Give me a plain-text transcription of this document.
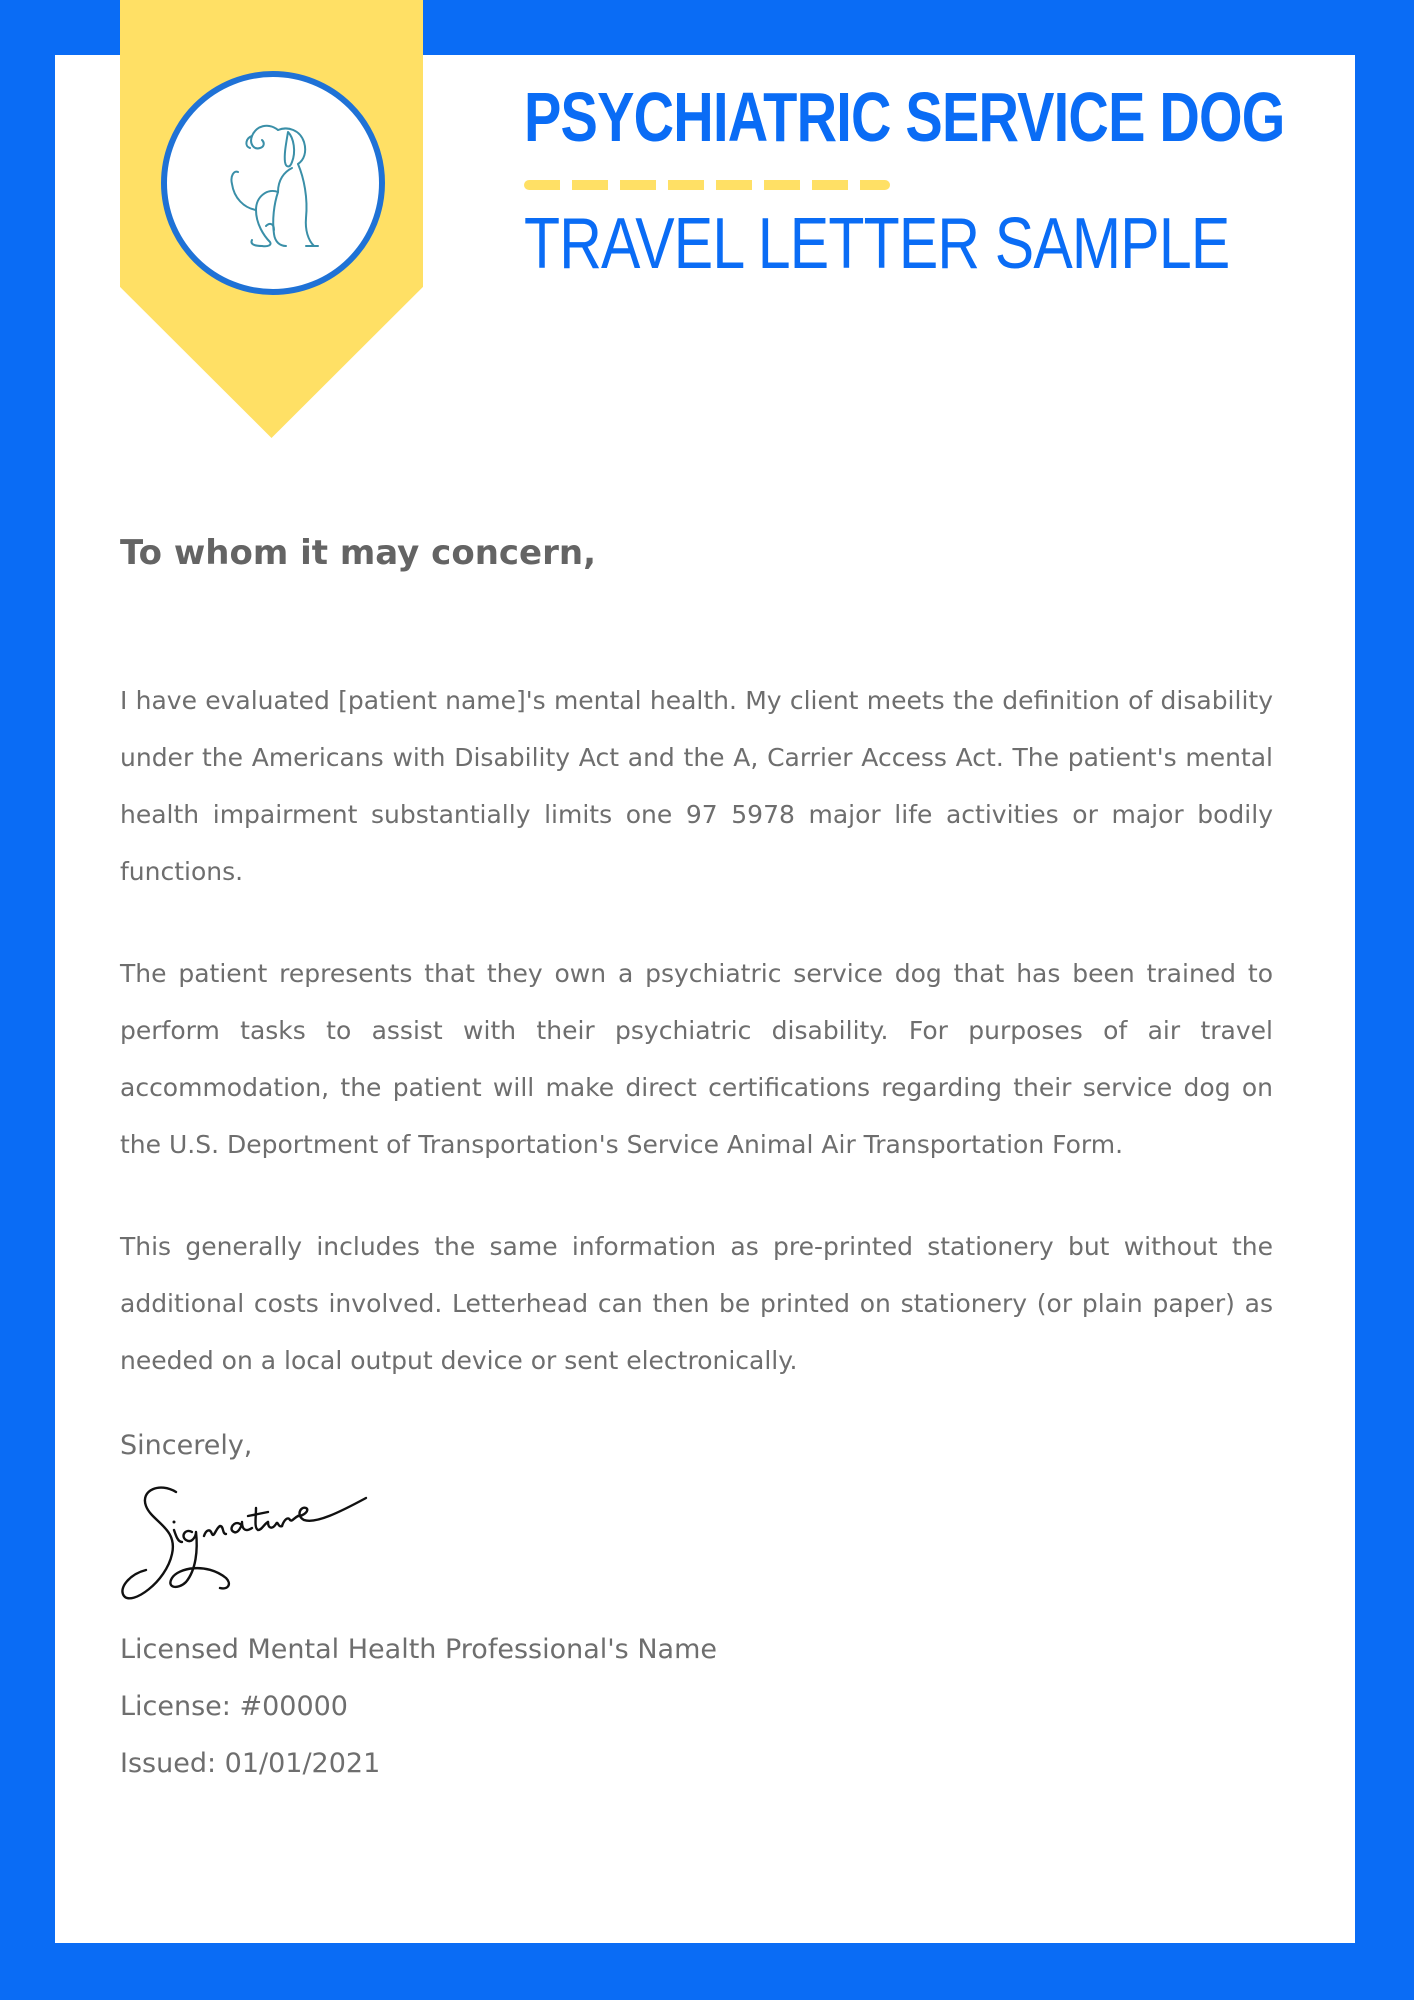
PSYCHIATRIC SERVICE DOG
TRAVEL LETTER SAMPLE

To whom it may concern,

I have evaluated [patient name]'s mental health. My client meets the definition of disability under the Americans with Disability Act and the A, Carrier Access Act. The patient's mental health impairment substantially limits one 97 5978 major life activities or major bodily functions.

The patient represents that they own a psychiatric service dog that has been trained to perform tasks to assist with their psychiatric disability. For purposes of air travel accommodation, the patient will make direct certifications regarding their service dog on the U.S. Deportment of Transportation's Service Animal Air Transportation Form.

This generally includes the same information as pre-printed stationery but without the additional costs involved. Letterhead can then be printed on stationery (or plain paper) as needed on a local output device or sent electronically.

Sincerely,

Licensed Mental Health Professional's Name

License: #00000

Issued: 01/01/2021
